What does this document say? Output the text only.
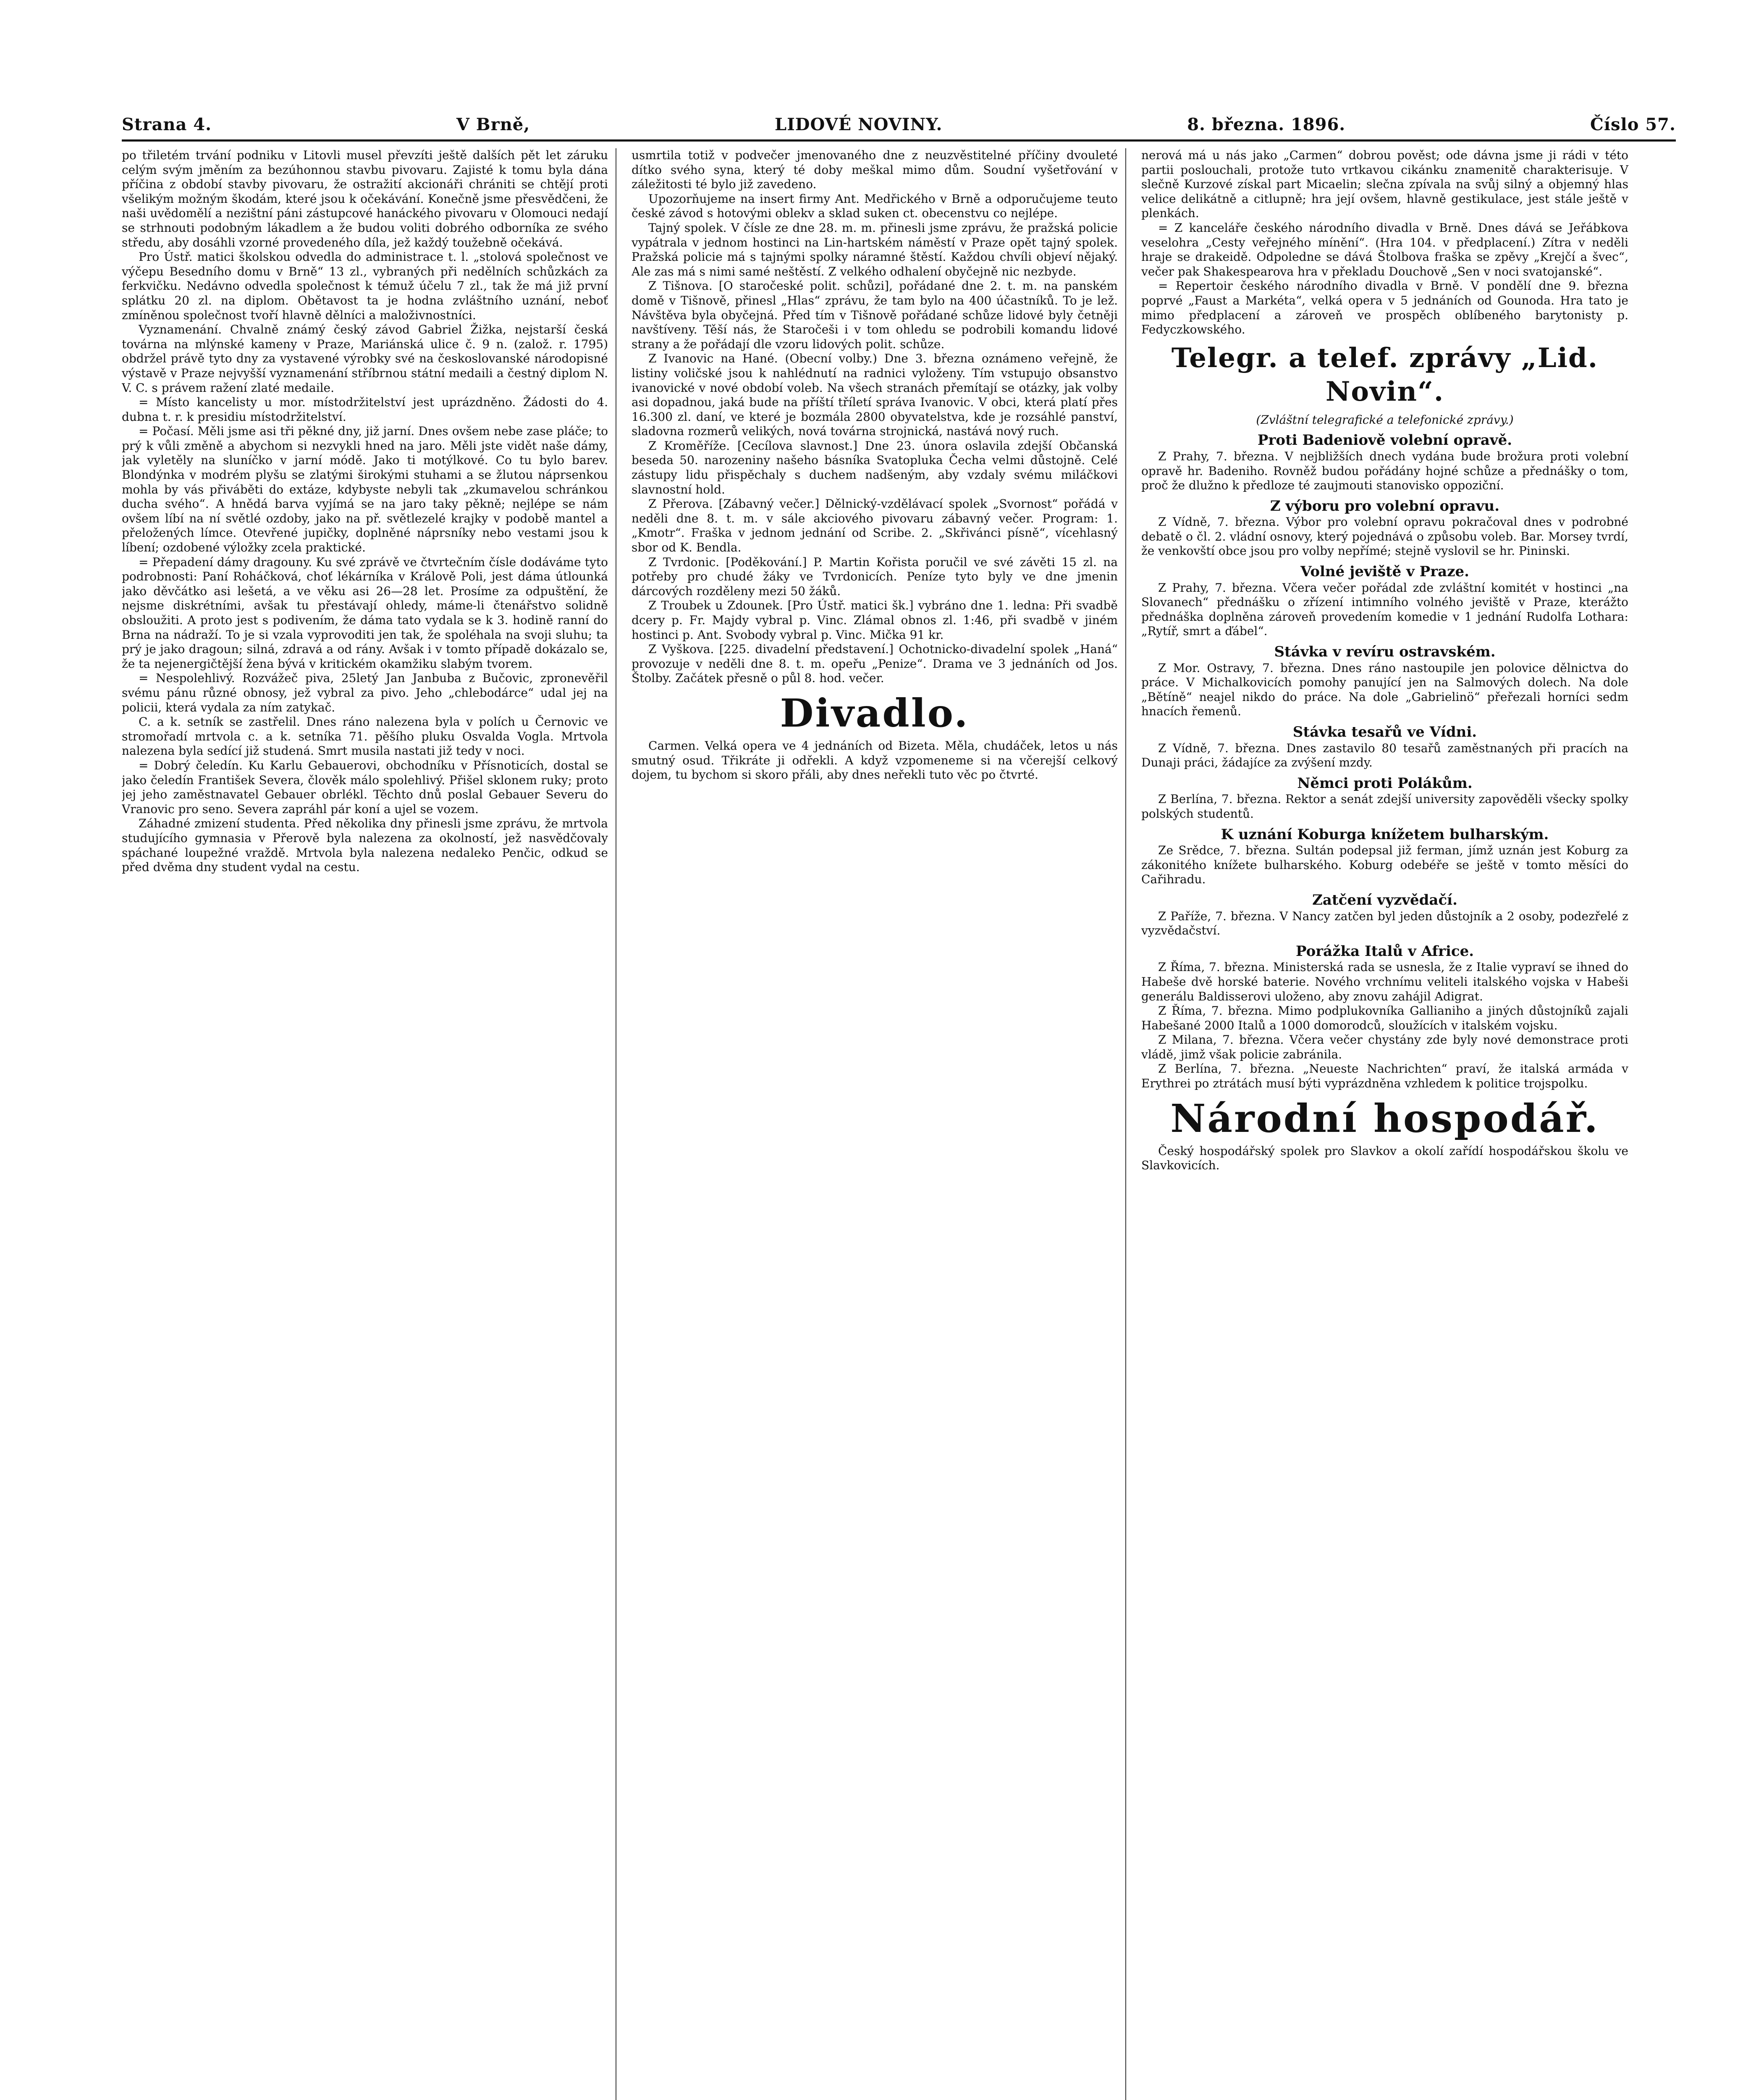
Strana 4.	V Brně,	LIDOVÉ NOVINY.	8. března. 1896.	Číslo 57.

po třiletém trvání podniku v Litovli musel převzíti ještě dalších pět let záruku celým svým jměním za bezúhonnou stavbu pivovaru. Zajisté k tomu byla dána příčina z období stavby pivovaru, že ostražití akcionáři chrániti se chtějí proti všelikým možným škodám, které jsou k očekávání. Konečně jsme přesvědčeni, že naši uvědomělí a nezištní páni zástupcové hanáckého pivovaru v Olomouci nedají se strhnouti podobným lákadlem a že budou voliti dobrého odborníka ze svého středu, aby dosáhli vzorné provedeného díla, jež každý toužebně očekává.

Pro Ústř. matici školskou odvedla do administrace t. l. „stolová společnost ve výčepu Besedního domu v Brně“ 13 zl., vybraných při nedělních schůzkách za ferkvičku. Nedávno odvedla společnost k témuž účelu 7 zl., tak že má již první splátku 20 zl. na diplom. Obětavost ta je hodna zvláštního uznání, neboť zmíněnou společnost tvoří hlavně dělníci a maloživnostníci.

Vyznamenání. Chvalně známý český závod Gabriel Žižka, nejstarší česká továrna na mlýnské kameny v Praze, Mariánská ulice č. 9 n. (založ. r. 1795) obdržel právě tyto dny za vystavené výrobky své na českoslovanské národopisné výstavě v Praze nejvyšší vyznamenání stříbrnou státní medaili a čestný diplom N. V. C. s právem ražení zlaté medaile.

= Místo kancelisty u mor. místodržitelství jest uprázdněno. Žádosti do 4. dubna t. r. k presidiu místodržitelství.

= Počasí. Měli jsme asi tři pěkné dny, již jarní. Dnes ovšem nebe zase pláče; to prý k vůli změně a abychom si nezvykli hned na jaro. Měli jste vidět naše dámy, jak vyletěly na sluníčko v jarní módě. Jako ti motýlkové. Co tu bylo barev. Blondýnka v modrém plyšu se zlatými širokými stuhami a se žlutou náprsenkou mohla by vás přiváběti do extáze, kdybyste nebyli tak „zkumavelou schránkou ducha svého“. A hnědá barva vyjímá se na jaro taky pěkně; nejlépe se nám ovšem líbí na ní světlé ozdoby, jako na př. světlezelé krajky v podobě mantel a přeložených límce. Otevřené jupičky, doplněné náprsníky nebo vestami jsou k líbení; ozdobené výložky zcela praktické.

= Přepadení dámy dragouny. Ku své zprávě ve čtvrtečním čísle dodáváme tyto podrobnosti: Paní Roháčková, choť lékárníka v Králově Poli, jest dáma útlounká jako děvčátko asi lešetá, a ve věku asi 26—28 let. Prosíme za odpuštění, že nejsme diskrétními, avšak tu přestávají ohledy, máme-li čtenářstvo solidně obsloužiti. A proto jest s podivením, že dáma tato vydala se k 3. hodině ranní do Brna na nádraží. To je si vzala vyprovoditi jen tak, že spoléhala na svoji sluhu; ta prý je jako dragoun; silná, zdravá a od rány. Avšak i v tomto případě dokázalo se, že ta nejenergičtější žena bývá v kritickém okamžiku slabým tvorem.

= Nespolehlivý. Rozvážeč piva, 25letý Jan Janbuba z Bučovic, zpronevěřil svému pánu různé obnosy, jež vybral za pivo. Jeho „chlebodárce“ udal jej na policii, která vydala za ním zatykač.

C. a k. setník se zastřelil. Dnes ráno nalezena byla v polích u Černovic ve stromořadí mrtvola c. a k. setníka 71. pěšího pluku Osvalda Vogla. Mrtvola nalezena byla sedící již studená. Smrt musila nastati již tedy v noci.

= Dobrý čeledín. Ku Karlu Gebauerovi, obchodníku v Přísnoticích, dostal se jako čeledín František Severa, člověk málo spolehlivý. Přišel sklonem ruky; proto jej jeho zaměstnavatel Gebauer obrlékl. Těchto dnů poslal Gebauer Severu do Vranovic pro seno. Severa zapráhl pár koní a ujel se vozem.

Záhadné zmizení studenta. Před několika dny přinesli jsme zprávu, že mrtvola studujícího gymnasia v Přerově byla nalezena za okolností, jež nasvědčovaly spáchané loupežné vraždě. Mrtvola byla nalezena nedaleko Penčic, odkud se před dvěma dny student vydal na cestu.

usmrtila totiž v podvečer jmenovaného dne z neuzvěstitelné příčiny dvouleté dítko svého syna, který té doby meškal mimo dům. Soudní vyšetřování v záležitosti té bylo již zavedeno.

Upozorňujeme na insert firmy Ant. Medřického v Brně a odporučujeme teuto české závod s hotovými oblekv a sklad suken ct. obecenstvu co nejlépe.

Tajný spolek. V čísle ze dne 28. m. m. přinesli jsme zprávu, že pražská policie vypátrala v jednom hostinci na Lin-hartském náměstí v Praze opět tajný spolek. Pražská policie má s tajnými spolky náramné štěstí. Každou chvíli objeví nějaký. Ale zas má s nimi samé neštěstí. Z velkého odhalení obyčejně nic nezbyde.

Z Tišnova. [O staročeské polit. schůzi], pořádané dne 2. t. m. na panském domě v Tišnově, přinesl „Hlas“ zprávu, že tam bylo na 400 účastníků. To je lež. Návštěva byla obyčejná. Před tím v Tišnově pořádané schůze lidové byly četněji navštíveny. Těší nás, že Staročeši i v tom ohledu se podrobili komandu lidové strany a že pořádají dle vzoru lidových polit. schůze.

Z Ivanovic na Hané. (Obecní volby.) Dne 3. března oznámeno veřejně, že listiny voličské jsou k nahlédnutí na radnici vyloženy. Tím vstupujo obsanstvo ivanovické v nové období voleb. Na všech stranách přemítají se otázky, jak volby asi dopadnou, jaká bude na příští tříletí správa Ivanovic. V obci, která platí přes 16.300 zl. daní, ve které je bozmála 2800 obyvatelstva, kde je rozsáhlé panství, sladovna rozmerů velikých, nová továrna strojnická, nastává nový ruch.

Z Kroměříže. [Cecílova slavnost.] Dne 23. února oslavila zdejší Občanská beseda 50. narozeniny našeho básníka Svatopluka Čecha velmi důstojně. Celé zástupy lidu přispěchaly s duchem nadšeným, aby vzdaly svému miláčkovi slavnostní hold.

Z Přerova. [Zábavný večer.] Dělnický-vzdělávací spolek „Svornost“ pořádá v neděli dne 8. t. m. v sále akciového pivovaru zábavný večer. Program: 1. „Kmotr“. Fraška v jednom jednání od Scribe. 2. „Skřivánci písně“, vícehlasný sbor od K. Bendla.

Z Tvrdonic. [Poděkování.] P. Martin Kořista poručil ve své závěti 15 zl. na potřeby pro chudé žáky ve Tvrdonicích. Peníze tyto byly ve dne jmenin dárcových rozděleny mezi 50 žáků.

Z Troubek u Zdounek. [Pro Ústř. matici šk.] vybráno dne 1. ledna: Při svadbě dcery p. Fr. Majdy vybral p. Vinc. Zlámal obnos zl. 1:46, při svadbě v jiném hostinci p. Ant. Svobody vybral p. Vinc. Mička 91 kr.

Z Vyškova. [225. divadelní představení.] Ochotnicko-divadelní spolek „Haná“ provozuje v neděli dne 8. t. m. opeřu „Penize“. Drama ve 3 jednáních od Jos. Štolby. Začátek přesně o půl 8. hod. večer.

Divadlo.

Carmen. Velká opera ve 4 jednáních od Bizeta. Měla, chudáček, letos u nás smutný osud. Třikráte ji odřekli. A když vzpomeneme si na včerejší celkový dojem, tu bychom si skoro přáli, aby dnes neřekli tuto věc po čtvrté.

nerová má u nás jako „Carmen“ dobrou pověst; ode dávna jsme ji rádi v této partii poslouchali, protože tuto vrtkavou cikánku znamenitě charakterisuje. V slečně Kurzové získal part Micaelin; slečna zpívala na svůj silný a objemný hlas velice delikátně a citlupně; hra její ovšem, hlavně gestikulace, jest stále ještě v plenkách.

= Z kanceláře českého národního divadla v Brně. Dnes dává se Jeřábkova veselohra „Cesty veřejného mínění“. (Hra 104. v předplacení.) Zítra v neděli hraje se drakeidě. Odpoledne se dává Štolbova fraška se zpěvy „Krejčí a švec“, večer pak Shakespearova hra v překladu Douchově „Sen v noci svatojanské“.

= Repertoir českého národního divadla v Brně. V pondělí dne 9. března poprvé „Faust a Markéta“, velká opera v 5 jednáních od Gounoda. Hra tato je mimo předplacení a zároveň ve prospěch oblíbeného barytonisty p. Fedyczkowského.

Telegr. a telef. zprávy „Lid. Novin“.
(Zvláštní telegrafické a telefonické zprávy.)
Proti Badeniově volební opravě.

Z Prahy, 7. března. V nejbližších dnech vydána bude brožura proti volební opravě hr. Badeniho. Rovněž budou pořádány hojné schůze a přednášky o tom, proč že dlužno k předloze té zaujmouti stanovisko oppoziční.

Z výboru pro volební opravu.

Z Vídně, 7. března. Výbor pro volební opravu pokračoval dnes v podrobné debatě o čl. 2. vládní osnovy, který pojednává o způsobu voleb. Bar. Morsey tvrdí, že venkovští obce jsou pro volby nepřímé; stejně vyslovil se hr. Pininski.

Volné jeviště v Praze.

Z Prahy, 7. března. Včera večer pořádal zde zvláštní komitét v hostinci „na Slovanech“ přednášku o zřízení intimního volného jeviště v Praze, kterážto přednáška doplněna zároveň provedením komedie v 1 jednání Rudolfa Lothara: „Rytíř, smrt a ďábel“.

Stávka v revíru ostravském.

Z Mor. Ostravy, 7. března. Dnes ráno nastoupile jen polovice dělnictva do práce. V Michalkovicích pomohy panující jen na Salmových dolech. Na dole „Bětíně“ neajel nikdo do práce. Na dole „Gabrielinö“ přeřezali horníci sedm hnacích řemenů.

Stávka tesařů ve Vídni.

Z Vídně, 7. března. Dnes zastavilo 80 tesařů zaměstnaných při pracích na Dunaji práci, žádajíce za zvýšení mzdy.

Němci proti Polákům.

Z Berlína, 7. března. Rektor a senát zdejší university zapověděli všecky spolky polských studentů.

K uznání Koburga knížetem bulharským.

Ze Srědce, 7. března. Sultán podepsal již ferman, jímž uznán jest Koburg za zákonitého knížete bulharského. Koburg odebéře se ještě v tomto měsíci do Cařihradu.

Zatčení vyzvědačí.

Z Paříže, 7. března. V Nancy zatčen byl jeden důstojník a 2 osoby, podezřelé z vyzvědačství.

Porážka Italů v Africe.

Z Říma, 7. března. Ministerská rada se usnesla, že z Italie vypraví se ihned do Habeše dvě horské baterie. Nového vrchnímu veliteli italského vojska v Habeši generálu Baldisserovi uloženo, aby znovu zahájil Adigrat.

Z Říma, 7. března. Mimo podplukovníka Gallianiho a jiných důstojníků zajali Habešané 2000 Italů a 1000 domorodců, sloužících v italském vojsku.

Z Milana, 7. března. Včera večer chystány zde byly nové demonstrace proti vládě, jimž však policie zabránila.

Z Berlína, 7. března. „Neueste Nachrichten“ praví, že italská armáda v Erythrei po ztrátách musí býti vyprázdněna vzhledem k politice trojspolku.

Národní hospodář.

Český hospodářský spolek pro Slavkov a okolí zařídí hospodářskou školu ve Slavkovicích.
